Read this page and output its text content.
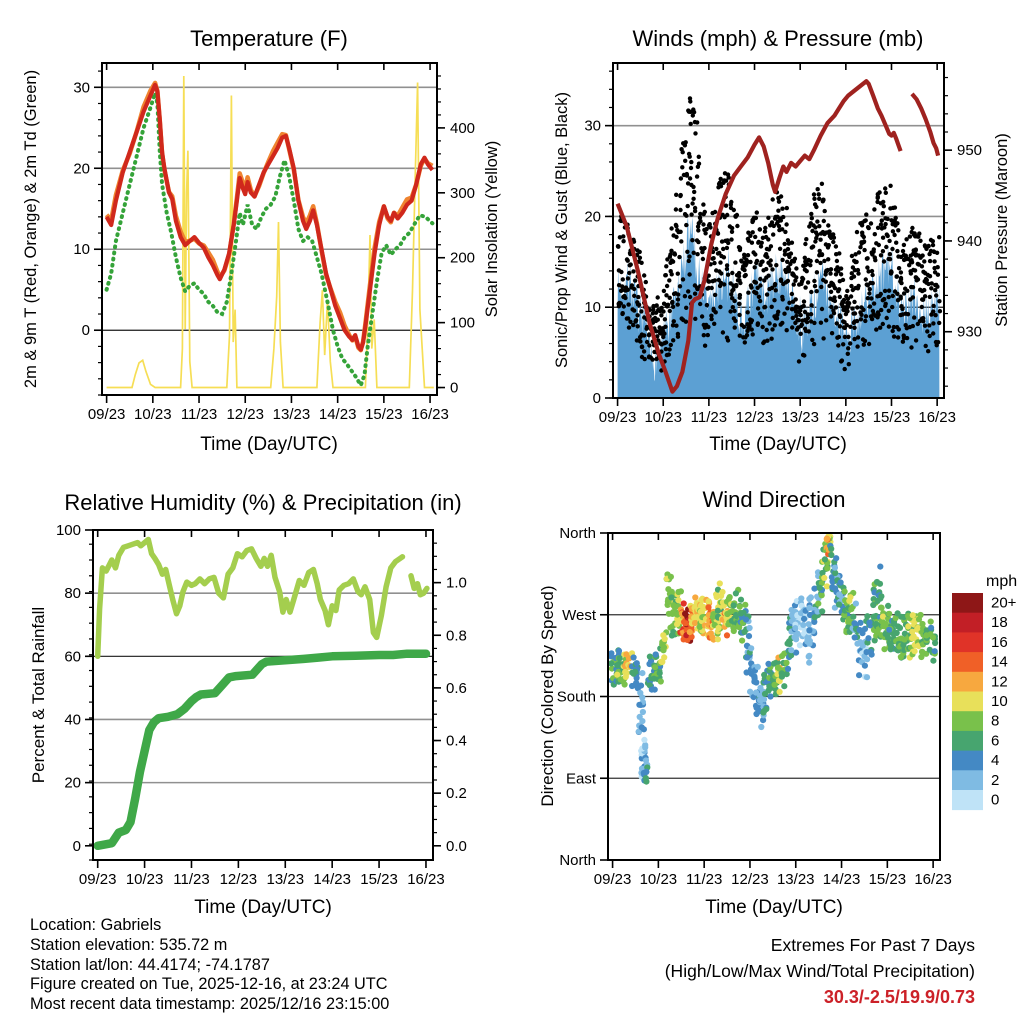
09/23 10/23 11/23 12/23 13/23 14/23 15/23 16/23
0
10
20
30
0
100
200
300
400
09/23 10/23 11/23 12/23 13/23 14/23 15/23 16/23
0
10
20
30
930
940
950
09/23 10/23 11/23 12/23 13/23 14/23 15/23 16/23
0
20
40
60
80
100
0.0
0.2
0.4
0.6
0.8
1.0
09/23 10/23 11/23 12/23 13/23 14/23 15/23 16/23
North
West
South
East
North
Temperature (F)	Winds (mph) & Pressure (mb)
Relative Humidity (%) & Precipitation (in)	Wind Direction
Time (Day/UTC)	Time (Day/UTC)
Time (Day/UTC)	Time (Day/UTC)
2m & 9m T (Red, Orange) & 2m Td (Green)	Solar Insolation (Yellow)	Sonic/Prop Wind & Gust (Blue, Black)	Station Pressure (Maroon)
Percent & Total Rainfall	Direction (Colored By Speed)
mph
20+
18
16
14
12
10
8
6
4
2
0
Location: Gabriels
Station elevation: 535.72 m
Station lat/lon: 44.4174; -74.1787
Figure created on Tue, 2025-12-16, at 23:24 UTC
Most recent data timestamp: 2025/12/16 23:15:00
Extremes For Past 7 Days
(High/Low/Max Wind/Total Precipitation)
30.3/-2.5/19.9/0.73
